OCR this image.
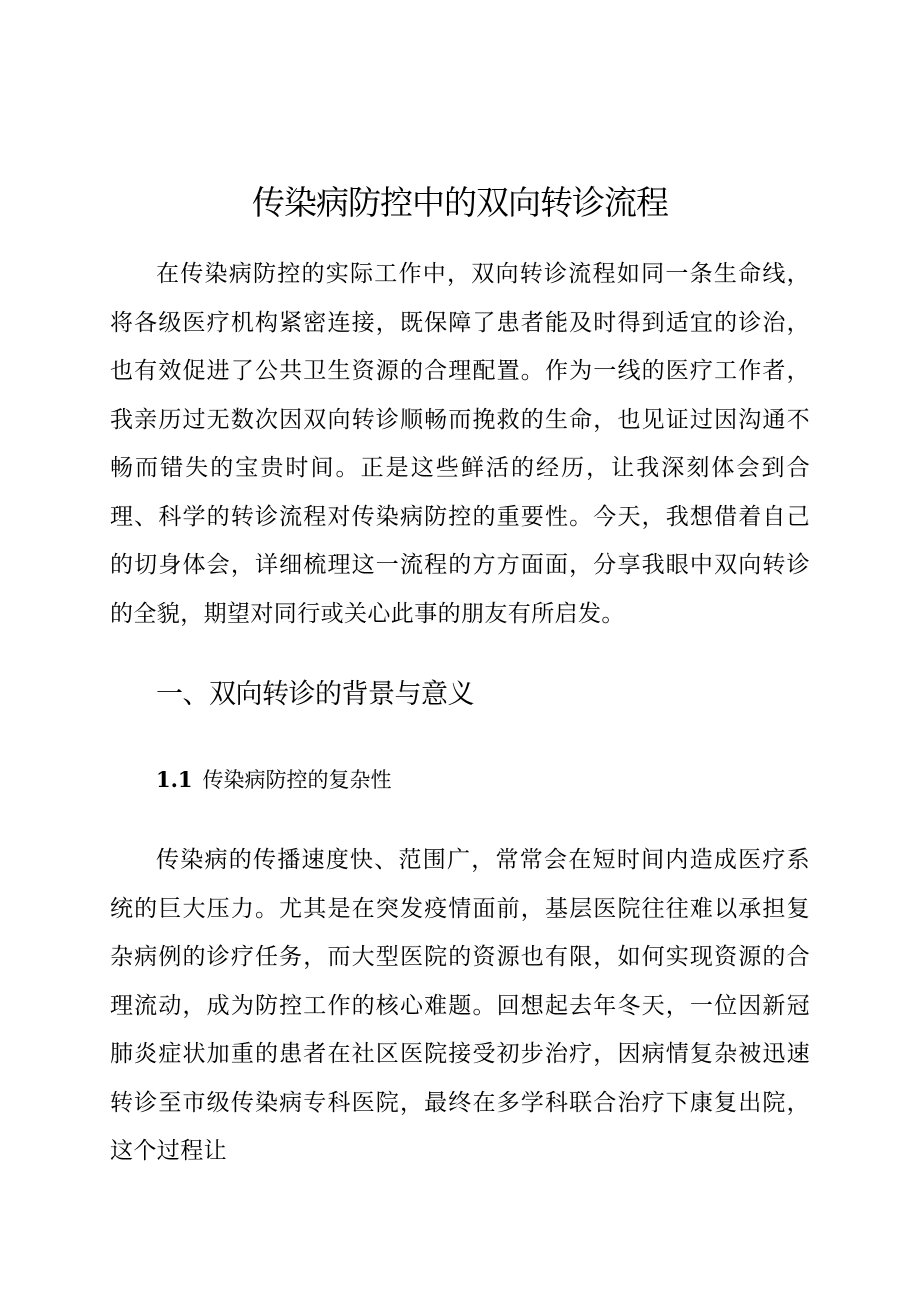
传染病防控中的双向转诊流程

在传染病防控的实际工作中，双向转诊流程如同一条生命线，将各级医疗机构紧密连接，既保障了患者能及时得到适宜的诊治，也有效促进了公共卫生资源的合理配置。作为一线的医疗工作者，我亲历过无数次因双向转诊顺畅而挽救的生命，也见证过因沟通不畅而错失的宝贵时间。正是这些鲜活的经历，让我深刻体会到合理、科学的转诊流程对传染病防控的重要性。今天，我想借着自己的切身体会，详细梳理这一流程的方方面面，分享我眼中双向转诊的全貌，期望对同行或关心此事的朋友有所启发。

一、双向转诊的背景与意义
1.1 传染病防控的复杂性

传染病的传播速度快、范围广，常常会在短时间内造成医疗系统的巨大压力。尤其是在突发疫情面前，基层医院往往难以承担复杂病例的诊疗任务，而大型医院的资源也有限，如何实现资源的合理流动，成为防控工作的核心难题。回想起去年冬天，一位因新冠肺炎症状加重的患者在社区医院接受初步治疗，因病情复杂被迅速转诊至市级传染病专科医院，最终在多学科联合治疗下康复出院，这个过程让
